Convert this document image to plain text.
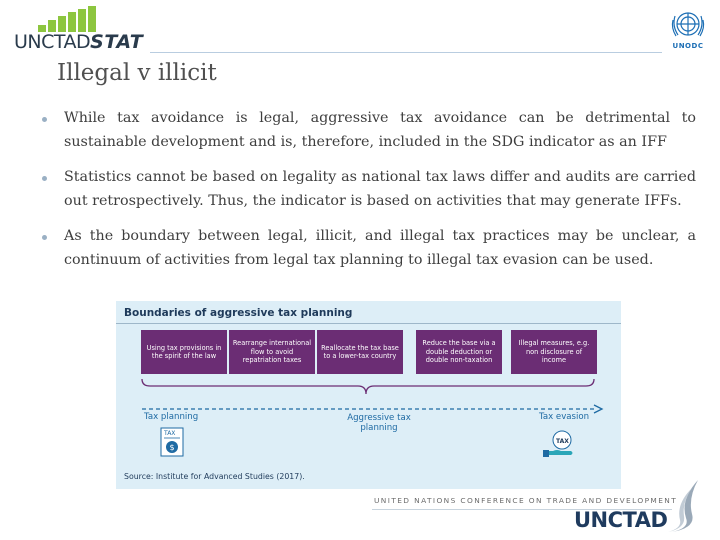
UNCTADSTAT	UNODC
Illegal v illicit
While tax avoidance is legal, aggressive tax avoidance can be detrimental to sustainable development and is, therefore, included in the SDG indicator as an IFF
Statistics cannot be based on legality as national tax laws differ and audits are carried out retrospectively. Thus, the indicator is based on activities that may generate IFFs.
As the boundary between legal, illicit, and illegal tax practices may be unclear, a continuum of activities from legal tax planning to illegal tax evasion can be used.
Boundaries of aggressive tax planning
Using tax provisions in the spirit of the law
Rearrange international flow to avoid repatriation taxes
Reallocate the tax base to a lower-tax country
Reduce the base via a double deduction or double non-taxation
Illegal measures, e.g. non disclosure of income
Tax planning	Aggressive tax planning
Tax evasion
$
TAX
TAX
Source: Institute for Advanced Studies (2017).
UNITED NATIONS CONFERENCE ON TRADE AND DEVELOPMENT
UNCTAD
